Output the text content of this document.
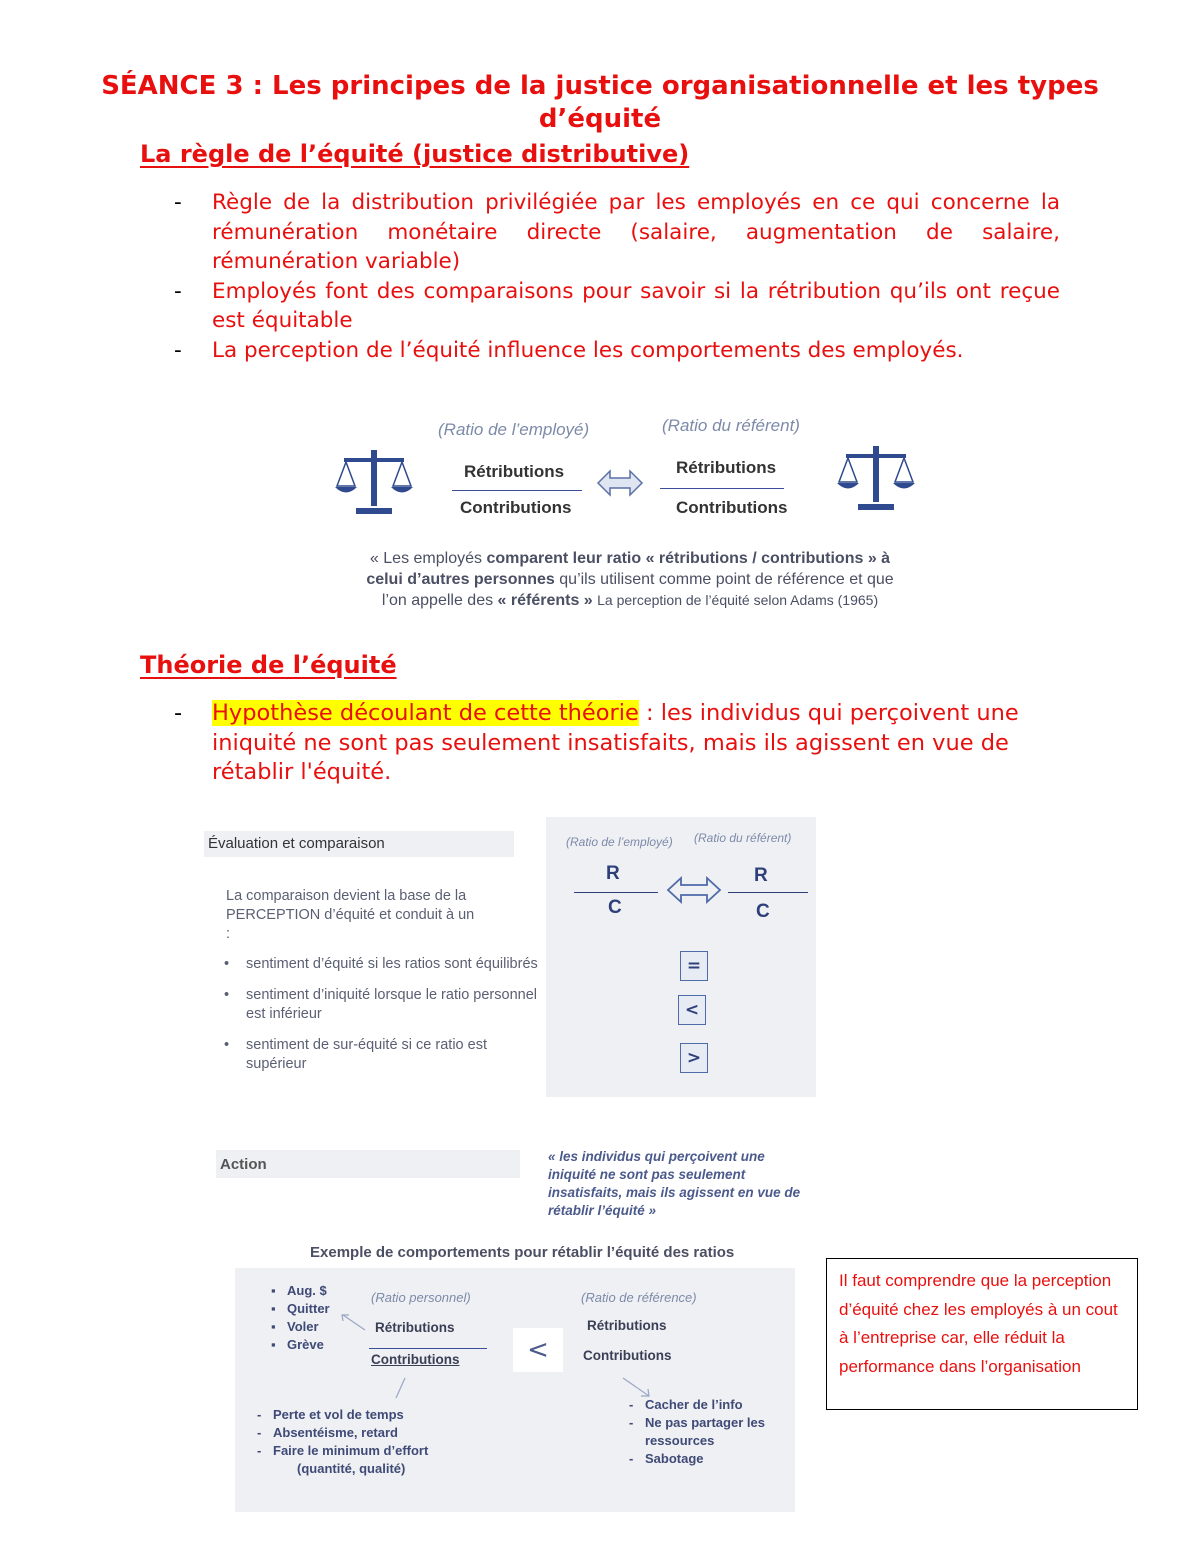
SÉANCE 3 : Les principes de la justice organisationnelle et les types d’équité
La règle de l’équité (justice distributive)
- Règle de la distribution privilégiée par les employés en ce qui concerne la rémunération monétaire directe (salaire, augmentation de salaire, rémunération variable)
- Employés font des comparaisons pour savoir si la rétribution qu’ils ont reçue est équitable
- La perception de l’équité influence les comportements des employés.
(Ratio de l’employé)	(Ratio du référent)
Rétributions
Contributions
Rétributions
Contributions
« Les employés comparent leur ratio « rétributions / contributions » à
celui d’autres personnes qu’ils utilisent comme point de référence et que
l’on appelle des « référents » La perception de l’équité selon Adams (1965)
Théorie de l’équité
- Hypothèse découlant de cette théorie : les individus qui perçoivent une iniquité ne sont pas seulement insatisfaits, mais ils agissent en vue de rétablir l'équité.
Évaluation et comparaison
La comparaison devient la base de la PERCEPTION d’équité et conduit à un :
• sentiment d’équité si les ratios sont équilibrés
• sentiment d’iniquité lorsque le ratio personnel est inférieur
• sentiment de sur-équité si ce ratio est supérieur
(Ratio de l’employé) (Ratio du référent)
R
C
R
C
=
<
>
Action	« les individus qui perçoivent une iniquité ne sont pas seulement insatisfaits, mais ils agissent en vue de rétablir l’équité »
Exemple de comportements pour rétablir l’équité des ratios
▪ Aug. $
▪ Quitter
▪ Voler
▪ Grève
(Ratio personnel)
Rétributions
Contributions	<
(Ratio de référence)
Rétributions
Contributions
- Perte et vol de temps
- Absentéisme, retard
- Faire le minimum d’effort
(quantité, qualité)
- Cacher de l’info
- Ne pas partager les
ressources
- Sabotage
Il faut comprendre que la perception d’équité chez les employés à un cout à l’entreprise car, elle réduit la performance dans l’organisation
